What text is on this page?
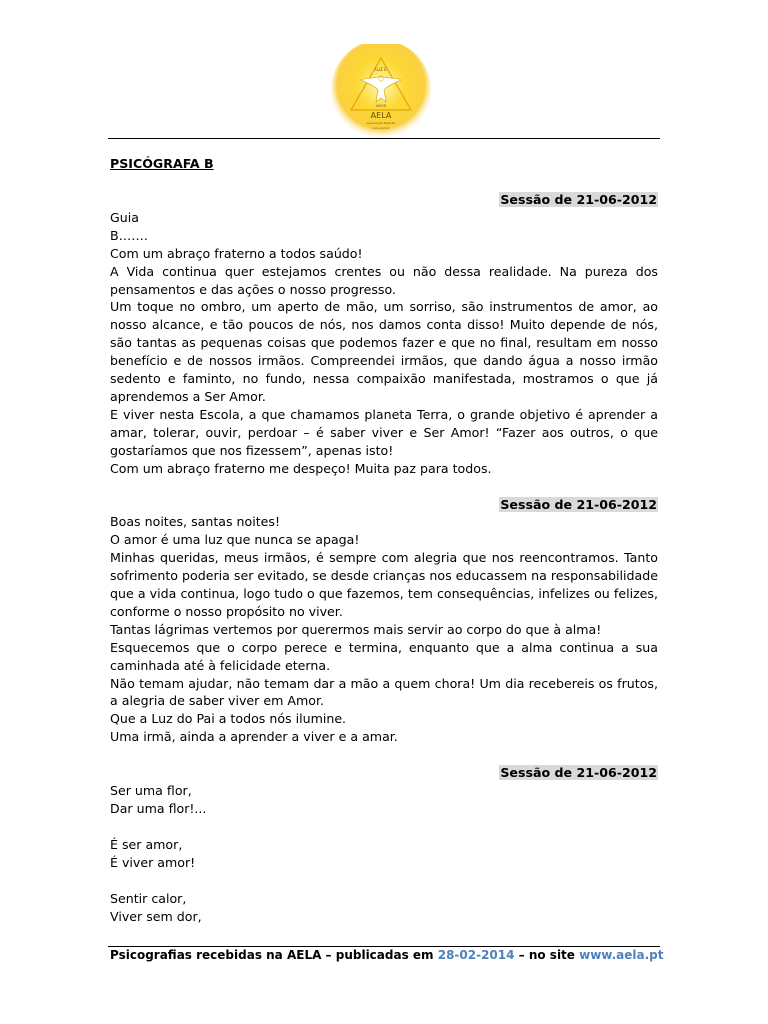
LUZ E
AMOR
AELA
Associação Espírita
Luz e Amor

PSICÓGRAFA B

Sessão de 21-06-2012

Guia

B…….

Com um abraço fraterno a todos saúdo!

A Vida continua quer estejamos crentes ou não dessa realidade. Na pureza dos pensamentos e das ações o nosso progresso.

Um toque no ombro, um aperto de mão, um sorriso, são instrumentos de amor, ao nosso alcance, e tão poucos de nós, nos damos conta disso! Muito depende de nós, são tantas as pequenas coisas que podemos fazer e que no final, resultam em nosso benefício e de nossos irmãos. Compreendei irmãos, que dando água a nosso irmão sedento e faminto, no fundo, nessa compaixão manifestada, mostramos o que já aprendemos a Ser Amor.

E viver nesta Escola, a que chamamos planeta Terra, o grande objetivo é aprender a amar, tolerar, ouvir, perdoar – é saber viver e Ser Amor! “Fazer aos outros, o que gostaríamos que nos fizessem”, apenas isto!

Com um abraço fraterno me despeço! Muita paz para todos.

Sessão de 21-06-2012

Boas noites, santas noites!

O amor é uma luz que nunca se apaga!

Minhas queridas, meus irmãos, é sempre com alegria que nos reencontramos. Tanto sofrimento poderia ser evitado, se desde crianças nos educassem na responsabilidade que a vida continua, logo tudo o que fazemos, tem consequências, infelizes ou felizes, conforme o nosso propósito no viver.

Tantas lágrimas vertemos por querermos mais servir ao corpo do que à alma!

Esquecemos que o corpo perece e termina, enquanto que a alma continua a sua caminhada até à felicidade eterna.

Não temam ajudar, não temam dar a mão a quem chora! Um dia recebereis os frutos, a alegria de saber viver em Amor.

Que a Luz do Pai a todos nós ilumine.

Uma irmã, ainda a aprender a viver e a amar.

Sessão de 21-06-2012

Ser uma flor,

Dar uma flor!...

É ser amor,

É viver amor!

Sentir calor,

Viver sem dor,

Psicografias recebidas na AELA – publicadas em 28-02-2014 – no site www.aela.pt
